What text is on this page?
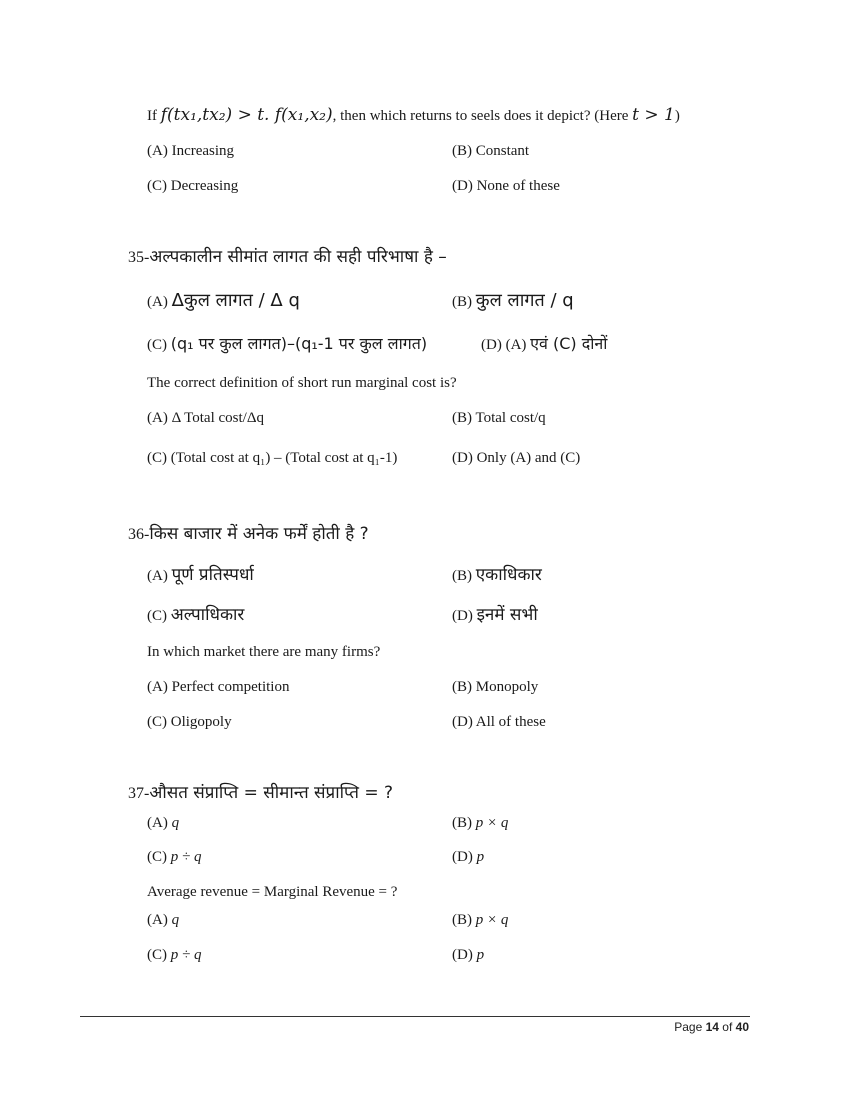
If f(tx₁,tx₂) > t. f(x₁,x₂), then which returns to seels does it depict? (Here t > 1)
(A) Increasing	(B) Constant
(C) Decreasing	(D) None of these
35-अल्पकालीन सीमांत लागत की सही परिभाषा है –
(A) Δकुल लागत / Δ q	(B) कुल लागत / q
(C) (q₁ पर कुल लागत)–(q₁-1 पर कुल लागत)	(D) (A) एवं (C) दोनों
The correct definition of short run marginal cost is?
(A) Δ Total cost/Δq	(B) Total cost/q
(C) (Total cost at q₁) – (Total cost at q₁-1)	(D) Only (A) and (C)
36-किस बाजार में अनेक फर्में होती है ?
(A) पूर्ण प्रतिस्पर्धा	(B) एकाधिकार
(C) अल्पाधिकार	(D) इनमें सभी
In which market there are many firms?
(A) Perfect competition	(B) Monopoly
(C) Oligopoly	(D) All of these
37-औसत संप्राप्ति = सीमान्त संप्राप्ति = ?
(A) q	(B) p × q
(C) p ÷ q	(D) p
Average revenue = Marginal Revenue = ?
(A) q	(B) p × q
(C) p ÷ q	(D) p
Page 14 of 40
